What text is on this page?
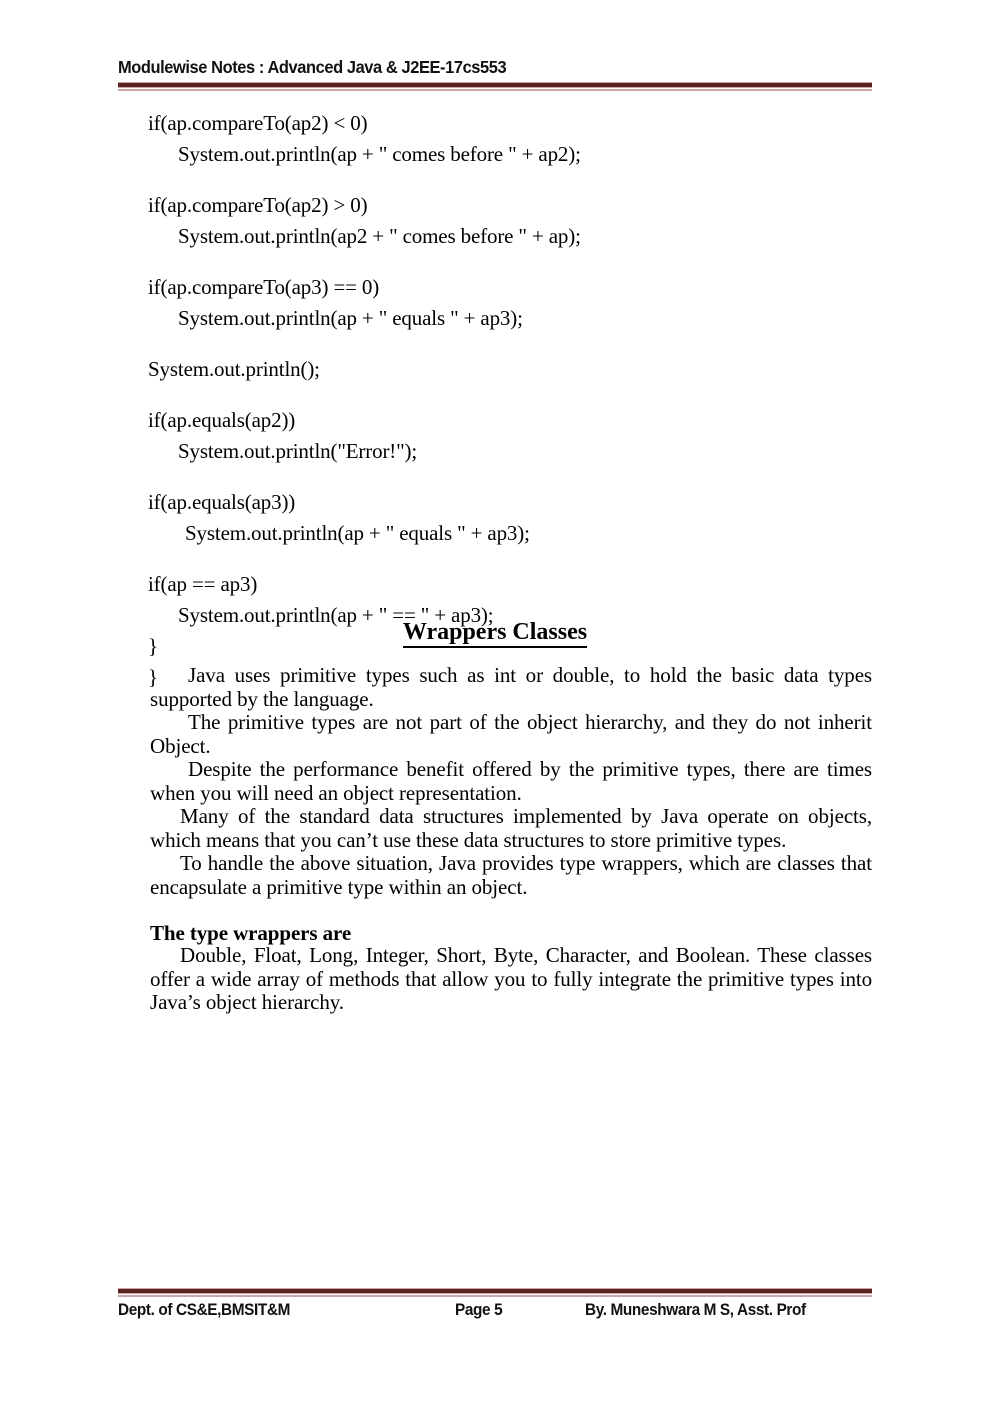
Modulewise Notes : Advanced Java & J2EE-17cs553
if(ap.compareTo(ap2) < 0)
System.out.println(ap + " comes before " + ap2);
if(ap.compareTo(ap2) > 0)
System.out.println(ap2 + " comes before " + ap);
if(ap.compareTo(ap3) == 0)
System.out.println(ap + " equals " + ap3);
System.out.println();
if(ap.equals(ap2))
System.out.println("Error!");
if(ap.equals(ap3))
System.out.println(ap + " equals " + ap3);
if(ap == ap3)
System.out.println(ap + " == " + ap3);
}
}
Wrappers Classes

Java uses primitive types such as int or double, to hold the basic data types supported by the language.

The primitive types are not part of the object hierarchy, and they do not inherit Object.

Despite the performance benefit offered by the primitive types, there are times when you will need an object representation.

Many of the standard data structures implemented by Java operate on objects, which means that you can’t use these data structures to store primitive types.

To handle the above situation, Java provides type wrappers, which are classes that encapsulate a primitive type within an object.

The type wrappers are

Double, Float, Long, Integer, Short, Byte, Character, and Boolean. These classes offer a wide array of methods that allow you to fully integrate the primitive types into Java’s object hierarchy.

Dept. of CS&E,BMSIT&M	Page 5	By. Muneshwara M S, Asst. Prof
